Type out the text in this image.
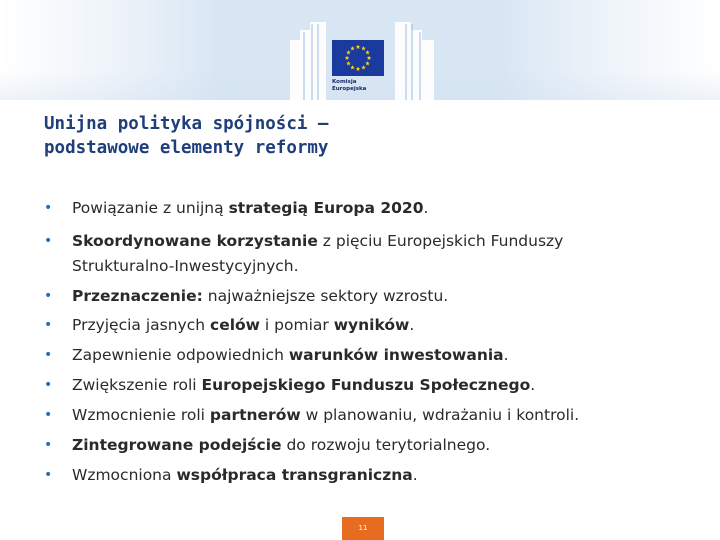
Komisja
Europejska
Unijna polityka spójności —
podstawowe elementy reformy
• Powiązanie z unijną strategią Europa 2020.
• Skoordynowane korzystanie z pięciu Europejskich Funduszy
Strukturalno-Inwestycyjnych.
• Przeznaczenie: najważniejsze sektory wzrostu.
• Przyjęcia jasnych celów i pomiar wyników.
• Zapewnienie odpowiednich warunków inwestowania.
• Zwiększenie roli Europejskiego Funduszu Społecznego.
• Wzmocnienie roli partnerów w planowaniu, wdrażaniu i kontroli.
• Zintegrowane podejście do rozwoju terytorialnego.
• Wzmocniona współpraca transgraniczna.
11
